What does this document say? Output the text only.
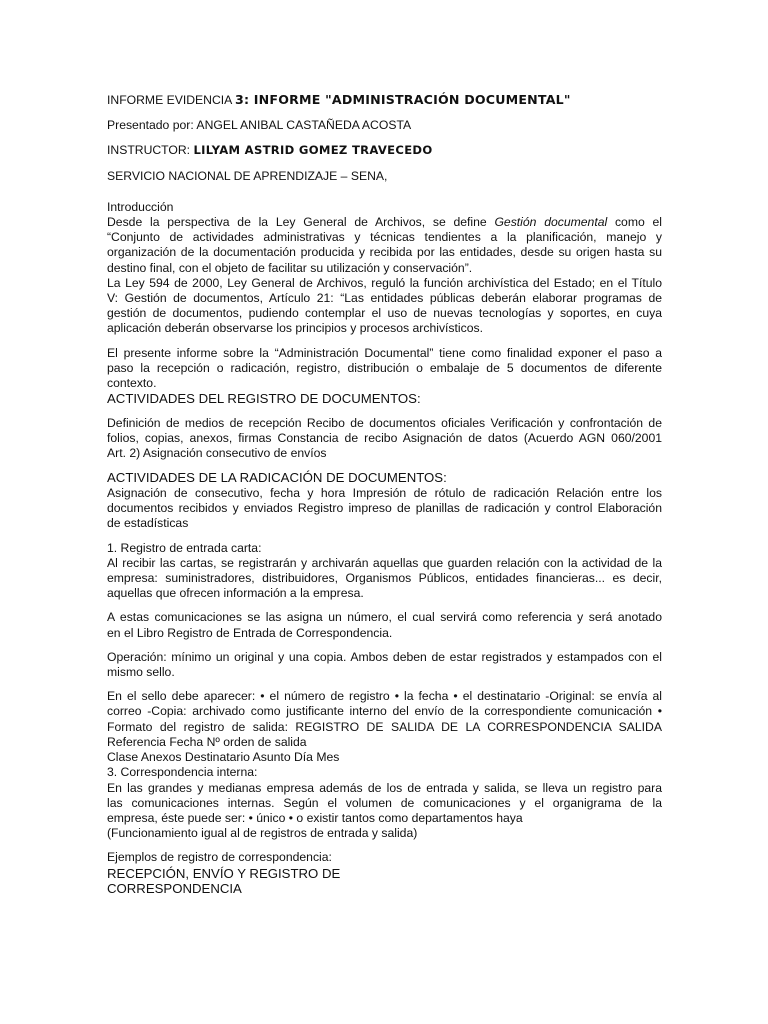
INFORME EVIDENCIA 3: INFORME "ADMINISTRACIÓN DOCUMENTAL"
Presentado por: ANGEL ANIBAL CASTAÑEDA ACOSTA
INSTRUCTOR: LILYAM ASTRID GOMEZ TRAVECEDO
SERVICIO NACIONAL DE APRENDIZAJE – SENA,
Introducción
Desde la perspectiva de la Ley General de Archivos, se define Gestión documental como el
“Conjunto de actividades administrativas y técnicas tendientes a la planificación, manejo y
organización de la documentación producida y recibida por las entidades, desde su origen hasta su
destino final, con el objeto de facilitar su utilización y conservación”.
La Ley 594 de 2000, Ley General de Archivos, reguló la función archivística del Estado; en el Título
V: Gestión de documentos, Artículo 21: “Las entidades públicas deberán elaborar programas de
gestión de documentos, pudiendo contemplar el uso de nuevas tecnologías y soportes, en cuya
aplicación deberán observarse los principios y procesos archivísticos.
El presente informe sobre la “Administración Documental” tiene como finalidad exponer el paso a
paso la recepción o radicación, registro, distribución o embalaje de 5 documentos de diferente
contexto.
ACTIVIDADES DEL REGISTRO DE DOCUMENTOS:
Definición de medios de recepción Recibo de documentos oficiales Verificación y confrontación de
folios, copias, anexos, firmas Constancia de recibo Asignación de datos (Acuerdo AGN 060/2001
Art. 2) Asignación consecutivo de envíos
ACTIVIDADES DE LA RADICACIÓN DE DOCUMENTOS:
Asignación de consecutivo, fecha y hora Impresión de rótulo de radicación Relación entre los
documentos recibidos y enviados Registro impreso de planillas de radicación y control Elaboración
de estadísticas
1. Registro de entrada carta:
Al recibir las cartas, se registrarán y archivarán aquellas que guarden relación con la actividad de la
empresa: suministradores, distribuidores, Organismos Públicos, entidades financieras... es decir,
aquellas que ofrecen información a la empresa.
A estas comunicaciones se las asigna un número, el cual servirá como referencia y será anotado
en el Libro Registro de Entrada de Correspondencia.
Operación: mínimo un original y una copia. Ambos deben de estar registrados y estampados con el
mismo sello.
En el sello debe aparecer: • el número de registro • la fecha • el destinatario -Original: se envía al
correo -Copia: archivado como justificante interno del envío de la correspondiente comunicación •
Formato del registro de salida: REGISTRO DE SALIDA DE LA CORRESPONDENCIA SALIDA
Referencia Fecha Nº orden de salida
Clase Anexos Destinatario Asunto Día Mes
3. Correspondencia interna:
En las grandes y medianas empresa además de los de entrada y salida, se lleva un registro para
las comunicaciones internas. Según el volumen de comunicaciones y el organigrama de la
empresa, éste puede ser: • único • o existir tantos como departamentos haya
(Funcionamiento igual al de registros de entrada y salida)
Ejemplos de registro de correspondencia:
RECEPCIÓN, ENVÍO Y REGISTRO DE
CORRESPONDENCIA
